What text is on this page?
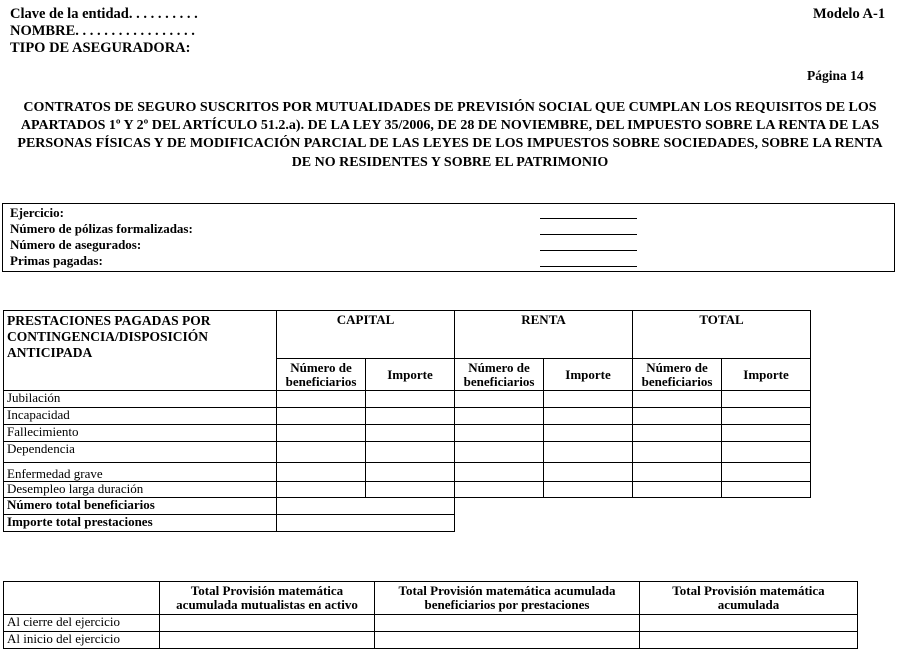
Clave de la entidad. . . . . . . . . .
NOMBRE. . . . . . . . . . . . . . . . .
TIPO DE ASEGURADORA:
Modelo A-1
Página 14
CONTRATOS DE SEGURO SUSCRITOS POR MUTUALIDADES DE PREVISIÓN SOCIAL QUE CUMPLAN LOS REQUISITOS DE LOS APARTADOS 1º Y 2º DEL ARTÍCULO 51.2.a). DE LA LEY 35/2006, DE 28 DE NOVIEMBRE, DEL IMPUESTO SOBRE LA RENTA DE LAS PERSONAS FÍSICAS Y DE MODIFICACIÓN PARCIAL DE LAS LEYES DE LOS IMPUESTOS SOBRE SOCIEDADES, SOBRE LA RENTA DE NO RESIDENTES Y SOBRE EL PATRIMONIO
Ejercicio:
Número de pólizas formalizadas:
Número de asegurados:
Primas pagadas:
PRESTACIONES PAGADAS POR CONTINGENCIA/DISPOSICIÓN ANTICIPADA	CAPITAL		RENTA		TOTAL	
	Número de beneficiarios	Importe	Número de beneficiarios	Importe	Número de beneficiarios	Importe
Jubilación						
Incapacidad						
Fallecimiento						
Dependencia						
Enfermedad grave						
Desempleo larga duración						
Número total beneficiarios						
Importe total prestaciones						
	Total Provisión matemática acumulada mutualistas en activo	Total Provisión matemática acumulada beneficiarios por prestaciones	Total Provisión matemática acumulada
Al cierre del ejercicio			
Al inicio del ejercicio			
